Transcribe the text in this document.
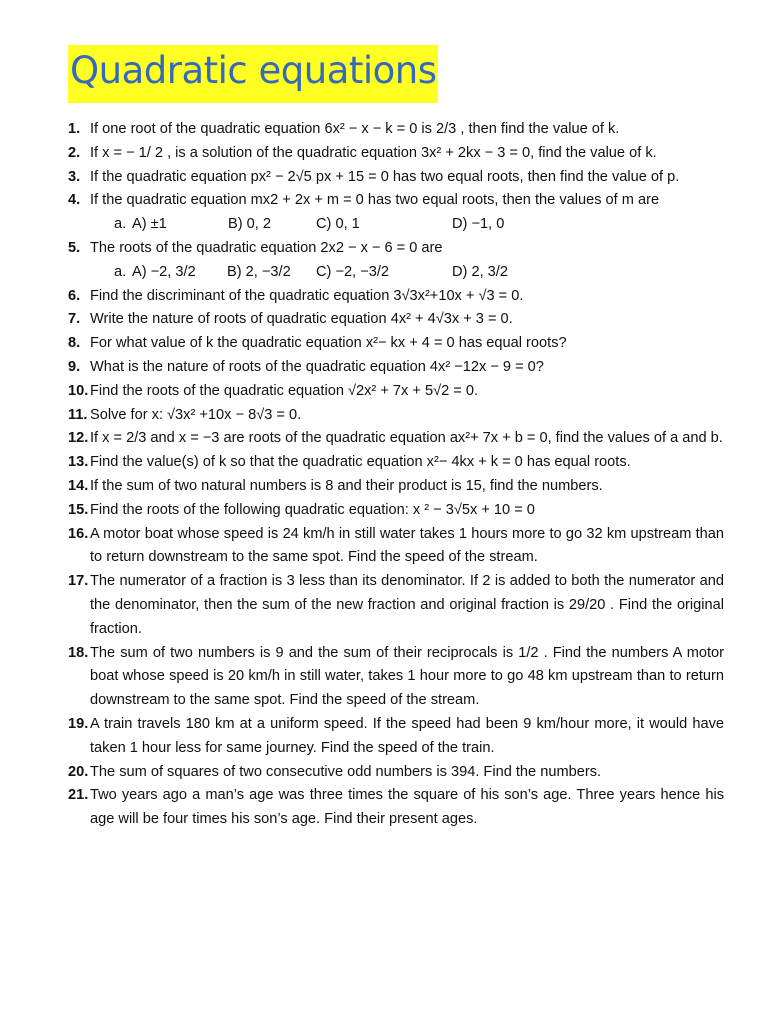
Quadratic equations
1. If one root of the quadratic equation 6x² − x − k = 0 is 2/3 , then find the value of k.
2. If x = − 1/ 2 , is a solution of the quadratic equation 3x² + 2kx − 3 = 0, find the value of k.
3. If the quadratic equation px² − 2√5 px + 15 = 0 has two equal roots, then find the value of p.
4. If the quadratic equation mx2 + 2x + m = 0 has two equal roots, then the values of m are
a. A) ±1	B) 0, 2	C) 0, 1	D) −1, 0
5. The roots of the quadratic equation 2x2 − x − 6 = 0 are
a. A) −2, 3/2 B) 2, −3/2 C) −2, −3/2	D) 2, 3/2
6. Find the discriminant of the quadratic equation 3√3x²+10x + √3 = 0.
7. Write the nature of roots of quadratic equation 4x² + 4√3x + 3 = 0.
8. For what value of k the quadratic equation x²− kx + 4 = 0 has equal roots?
9. What is the nature of roots of the quadratic equation 4x² −12x − 9 = 0?
10. Find the roots of the quadratic equation √2x² + 7x + 5√2 = 0.
11. Solve for x: √3x² +10x − 8√3 = 0.
12. If x = 2/3 and x = −3 are roots of the quadratic equation ax²+ 7x + b = 0, find the values of a and b.
13. Find the value(s) of k so that the quadratic equation x²− 4kx + k = 0 has equal roots.
14. If the sum of two natural numbers is 8 and their product is 15, find the numbers.
15. Find the roots of the following quadratic equation: x ² − 3√5x + 10 = 0
16. A motor boat whose speed is 24 km/h in still water takes 1 hours more to go 32 km upstream than to return downstream to the same spot. Find the speed of the stream.
17. The numerator of a fraction is 3 less than its denominator. If 2 is added to both the numerator and the denominator, then the sum of the new fraction and original fraction is 29/20 . Find the original fraction.
18. The sum of two numbers is 9 and the sum of their reciprocals is 1/2 . Find the numbers A motor boat whose speed is 20 km/h in still water, takes 1 hour more to go 48 km upstream than to return downstream to the same spot. Find the speed of the stream.
19. A train travels 180 km at a uniform speed. If the speed had been 9 km/hour more, it would have taken 1 hour less for same journey. Find the speed of the train.
20. The sum of squares of two consecutive odd numbers is 394. Find the numbers.
21. Two years ago a man’s age was three times the square of his son’s age. Three years hence his age will be four times his son’s age. Find their present ages.
